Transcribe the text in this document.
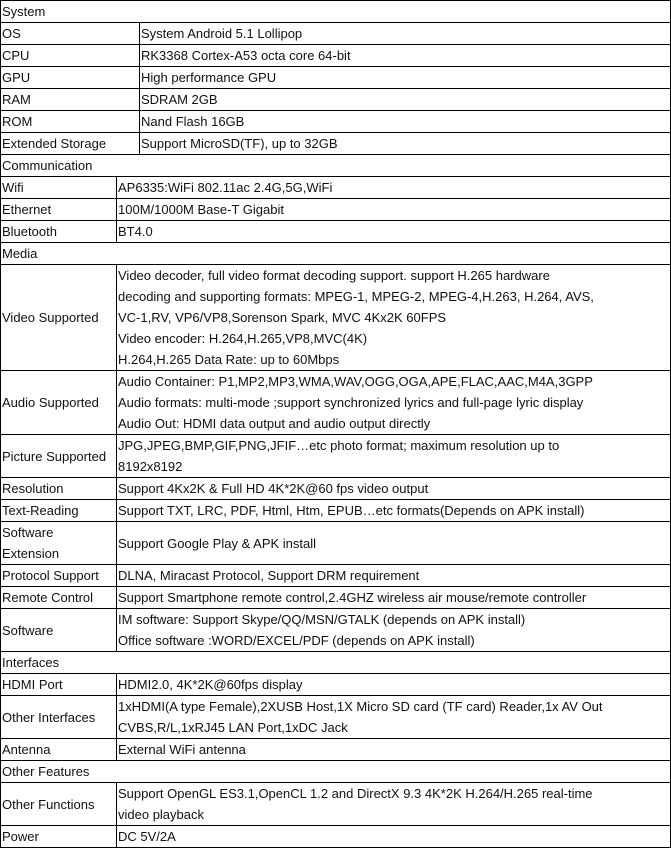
System		
OS		System Android 5.1 Lollipop
CPU		RK3368 Cortex-A53 octa core 64-bit
GPU		High performance GPU
RAM		SDRAM 2GB
ROM		Nand Flash 16GB
Extended Storage		Support MicroSD(TF), up to 32GB
Communication		
Wifi	AP6335:WiFi 802.11ac 2.4G,5G,WiFi	
Ethernet	100M/1000M Base-T Gigabit	
Bluetooth	BT4.0	
Media		
Video Supported	Video decoder, full video format decoding support. support H.265 hardware
decoding and supporting formats: MPEG-1, MPEG-2, MPEG-4,H.263, H.264, AVS,
VC-1,RV, VP6/VP8,Sorenson Spark, MVC 4Kx2K 60FPS
Video encoder: H.264,H.265,VP8,MVC(4K)
H.264,H.265 Data Rate: up to 60Mbps	

Audio Supported	Audio Container: P1,MP2,MP3,WMA,WAV,OGG,OGA,APE,FLAC,AAC,M4A,3GPP
Audio formats: multi-mode ;support synchronized lyrics and full-page lyric display
Audio Out: HDMI data output and audio output directly	

Picture Supported	JPG,JPEG,BMP,GIF,PNG,JFIF…etc photo format; maximum resolution up to
8192x8192	

Resolution	Support 4Kx2K & Full HD 4K*2K@60 fps video output	
Text-Reading	Support TXT, LRC, PDF, Html, Htm, EPUB…etc formats(Depends on APK install)	

Software
Extension	Support Google Play & APK install	
Protocol Support	DLNA, Miracast Protocol, Support DRM requirement	
Remote Control	Support Smartphone remote control,2.4GHZ wireless air mouse/remote controller	
Software	IM software: Support Skype/QQ/MSN/GTALK (depends on APK install)
Office software :WORD/EXCEL/PDF (depends on APK install)	

Interfaces		
HDMI Port	HDMI2.0, 4K*2K@60fps display	
Other Interfaces	1xHDMI(A type Female),2XUSB Host,1X Micro SD card (TF card) Reader,1x AV Out
CVBS,R/L,1xRJ45 LAN Port,1xDC Jack	

Antenna	External WiFi antenna	
Other Features		
Other Functions	Support OpenGL ES3.1,OpenCL 1.2 and DirectX 9.3 4K*2K H.264/H.265 real-time
video playback	

Power	DC 5V/2A	
